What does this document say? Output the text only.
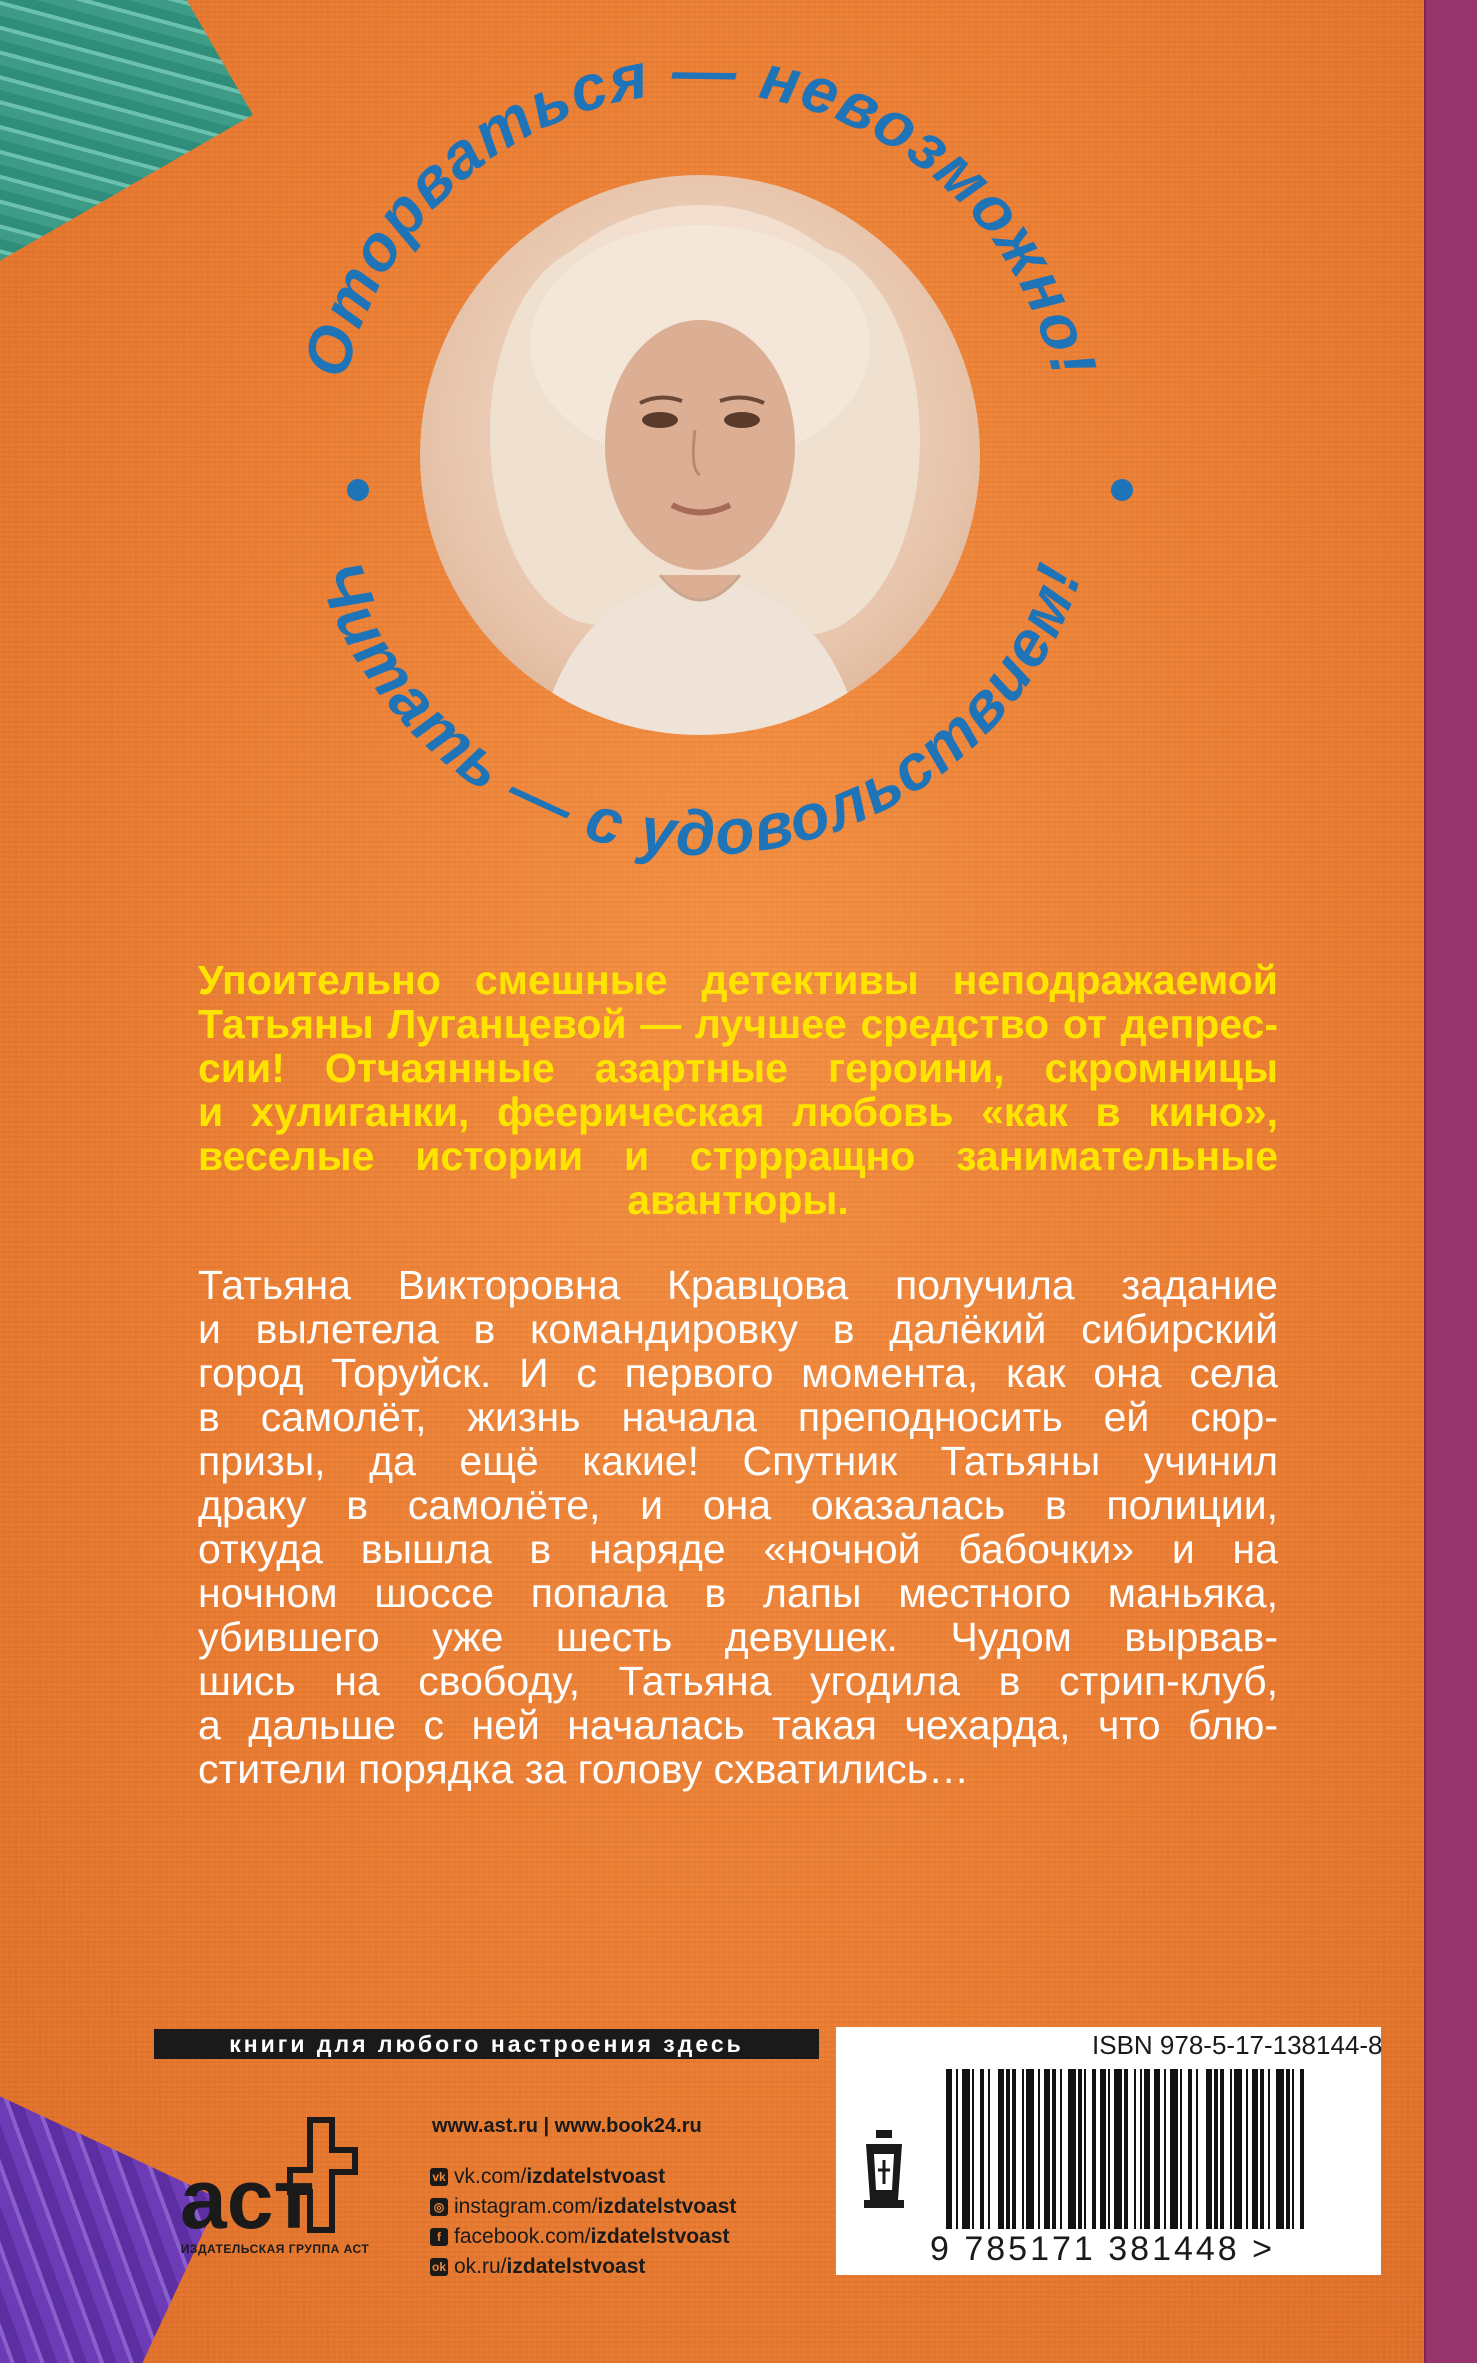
Оторваться — невозможно!
Читать — с удовольствием!
Упоительно смешные детективы неподражаемой
Татьяны Луганцевой — лучшее средство от депрес-
сии! Отчаянные азартные героини, скромницы
и хулиганки, феерическая любовь «как в кино»,
веселые истории и стррращно занимательные
авантюры.
Татьяна Викторовна Кравцова получила задание
и вылетела в командировку в далёкий сибирский
город Торуйск. И с первого момента, как она села
в самолёт, жизнь начала преподносить ей сюр-
призы, да ещё какие! Спутник Татьяны учинил
драку в самолёте, и она оказалась в полиции,
откуда вышла в наряде «ночной бабочки» и на
ночном шоссе попала в лапы местного маньяка,
убившего уже шесть девушек. Чудом вырвав-
шись на свободу, Татьяна угодила в стрип-клуб,
а дальше с ней началась такая чехарда, что блю-
стители порядка за голову схватились…
книги для любого настроения здесь
аст
ИЗДАТЕЛЬСКАЯ ГРУППА АСТ
www.ast.ru | www.book24.ru
vk vk.com/ izdatelstvoast
◎ instagram.com/ izdatelstvoast
f facebook.com/ izdatelstvoast
ok ok.ru/ izdatelstvoast
ISBN 978-5-17-138144-8
9 785171 381448 >
